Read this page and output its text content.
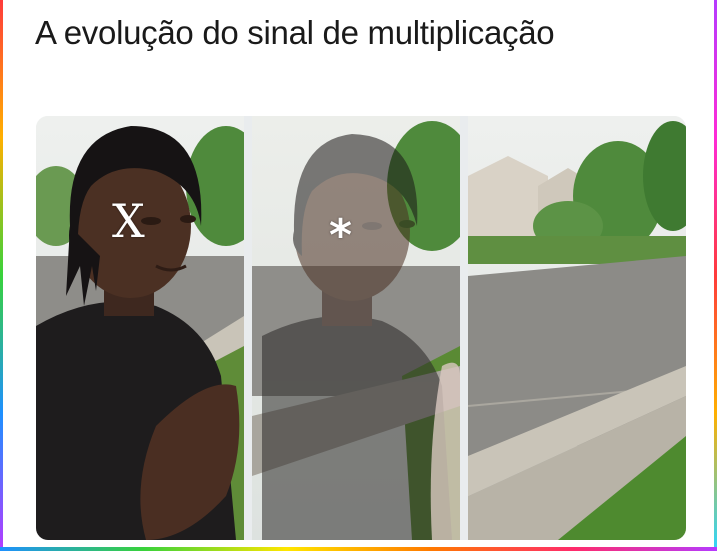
A evolução do sinal de multiplicação
X	*
